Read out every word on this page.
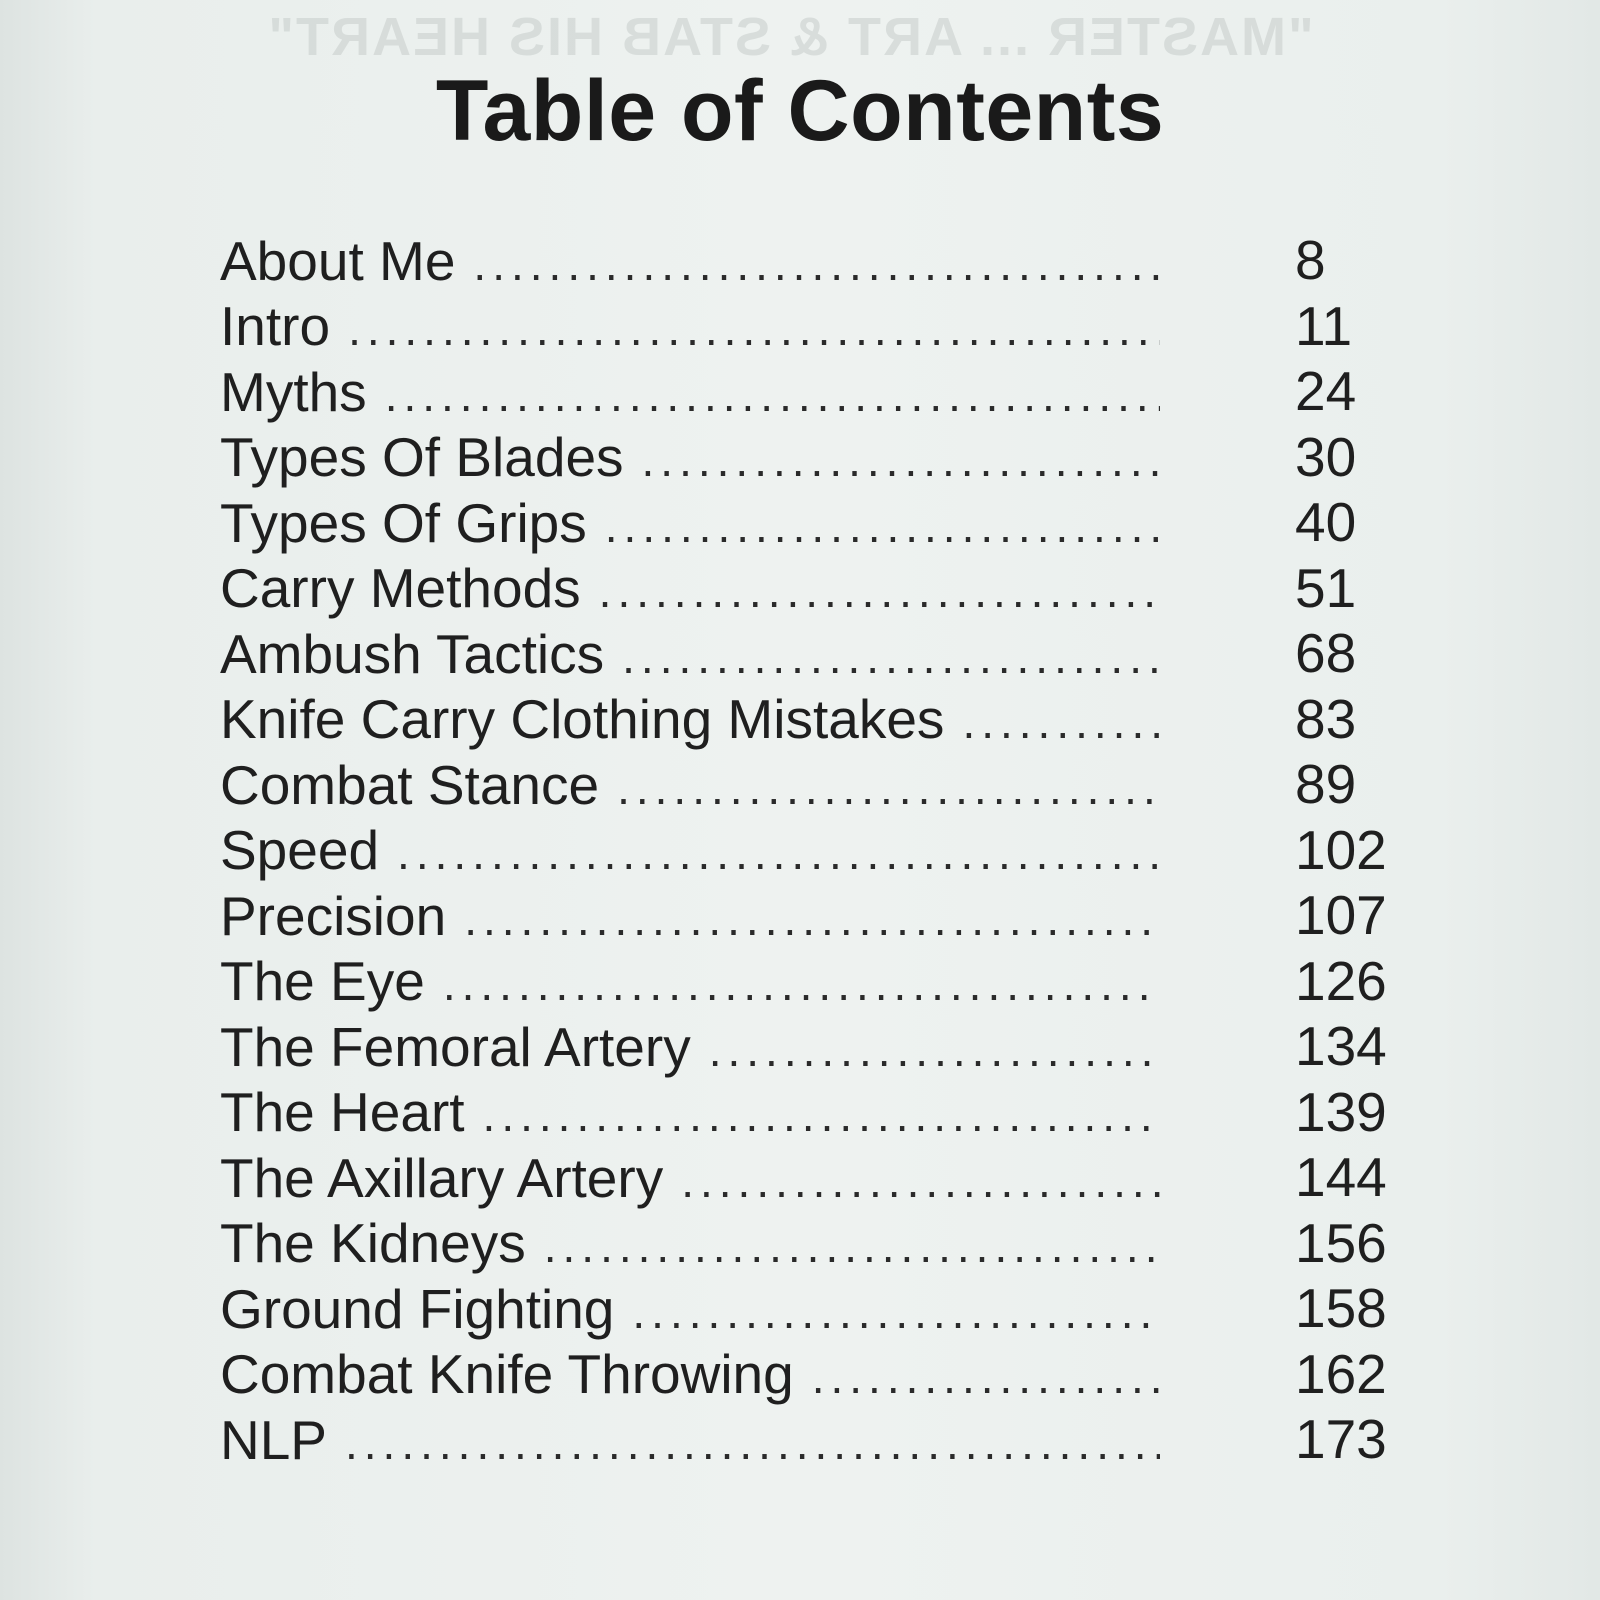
"MASTER ... ART & STAB HIS HEART"
Table of Contents
About Me .....	8
Intro .....	11
Myths .....	24
Types Of Blades .....	30
Types Of Grips .....	40
Carry Methods .....	51
Ambush Tactics .....	68
Knife Carry Clothing Mistakes .....	83
Combat Stance .....	89
Speed .....	102
Precision .....	107
The Eye .....	126
The Femoral Artery .....	134
The Heart .....	139
The Axillary Artery .....	144
The Kidneys .....	156
Ground Fighting .....	158
Combat Knife Throwing .....	162
NLP .....	173
